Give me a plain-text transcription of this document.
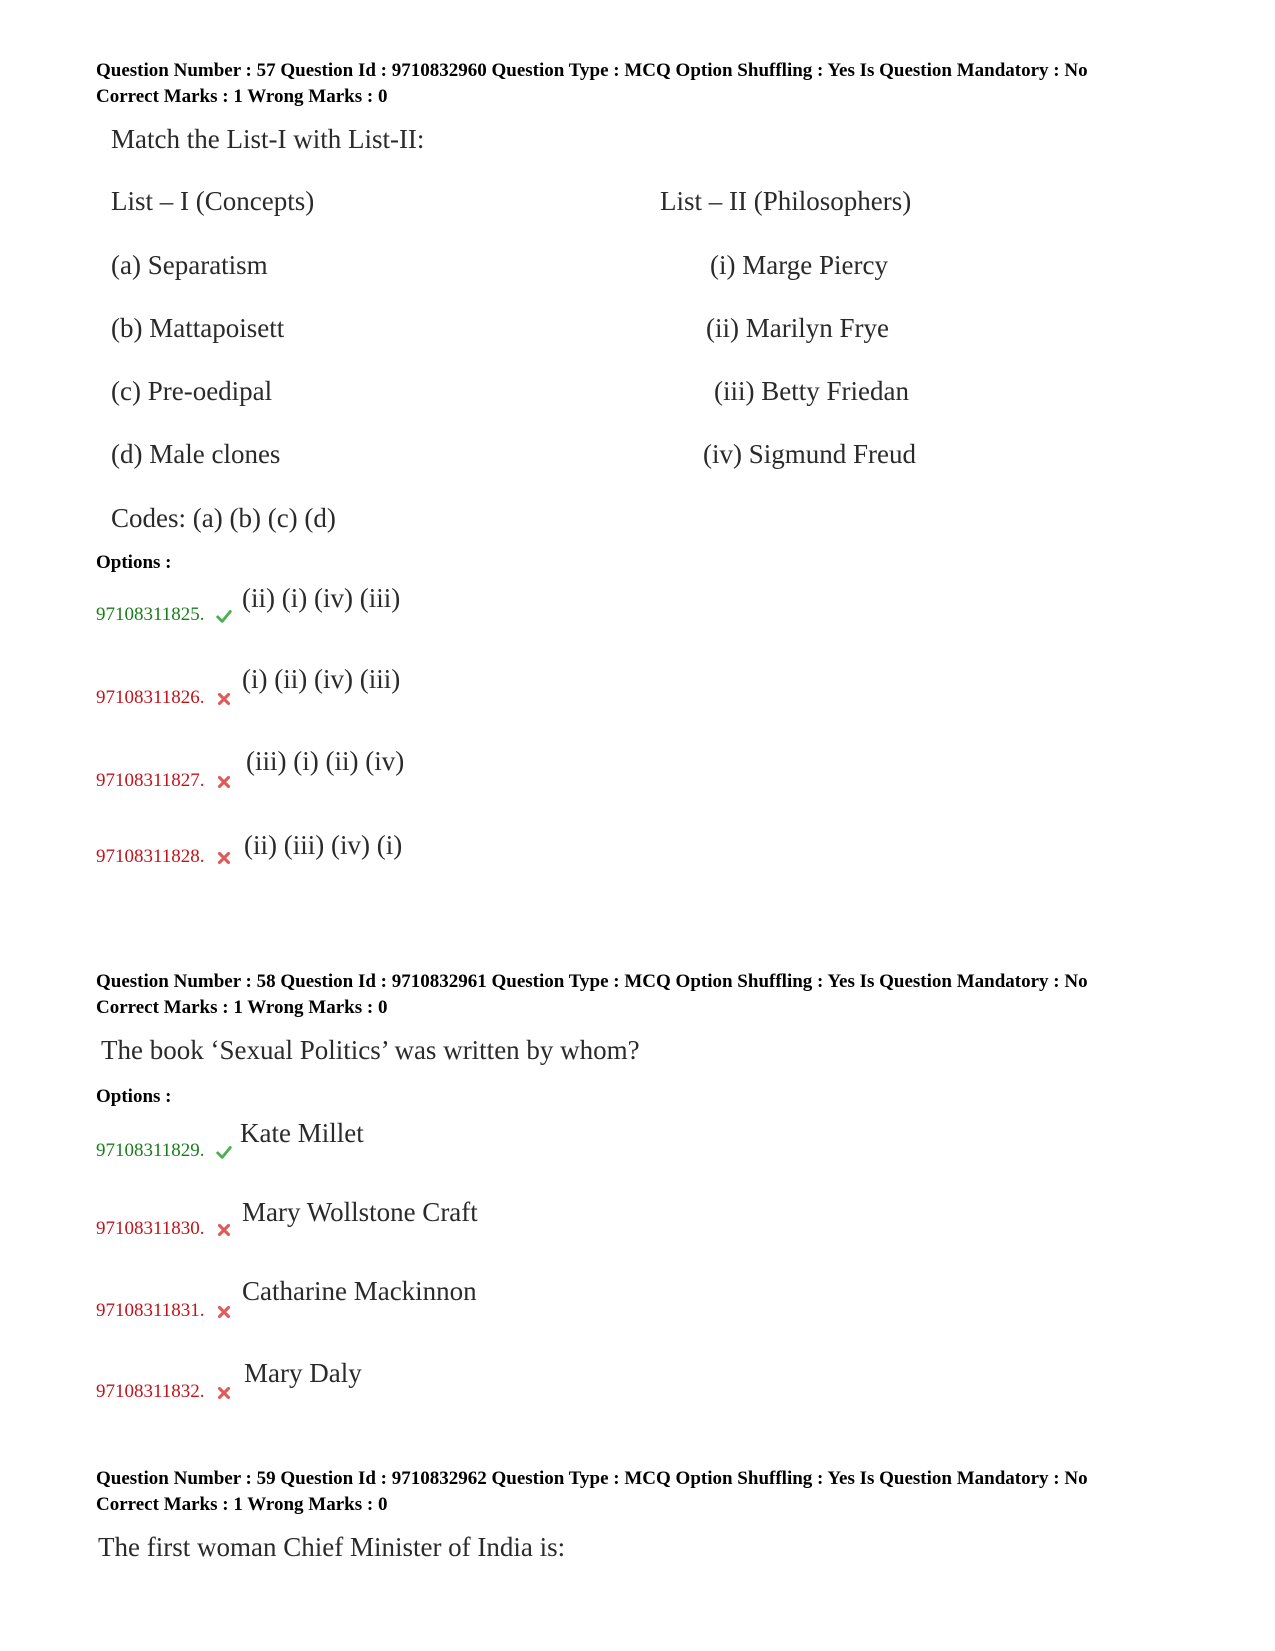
Question Number : 57 Question Id : 9710832960 Question Type : MCQ Option Shuffling : Yes Is Question Mandatory : No
Correct Marks : 1 Wrong Marks : 0
Match the List-I with List-II:
List – I (Concepts)	List – II (Philosophers)
(a) Separatism	(i) Marge Piercy
(b) Mattapoisett	(ii) Marilyn Frye
(c) Pre-oedipal	(iii) Betty Friedan
(d) Male clones	(iv) Sigmund Freud
Codes: (a) (b) (c) (d)
Options :
97108311825.
(ii) (i) (iv) (iii)
97108311826.
(i) (ii) (iv) (iii)
97108311827.
(iii) (i) (ii) (iv)
97108311828.	(ii) (iii) (iv) (i)
Question Number : 58 Question Id : 9710832961 Question Type : MCQ Option Shuffling : Yes Is Question Mandatory : No
Correct Marks : 1 Wrong Marks : 0
The book ‘Sexual Politics’ was written by whom?
Options :
97108311829.
Kate Millet
97108311830.
Mary Wollstone Craft
97108311831.
Catharine Mackinnon
97108311832.
Mary Daly
Question Number : 59 Question Id : 9710832962 Question Type : MCQ Option Shuffling : Yes Is Question Mandatory : No
Correct Marks : 1 Wrong Marks : 0
The first woman Chief Minister of India is:
